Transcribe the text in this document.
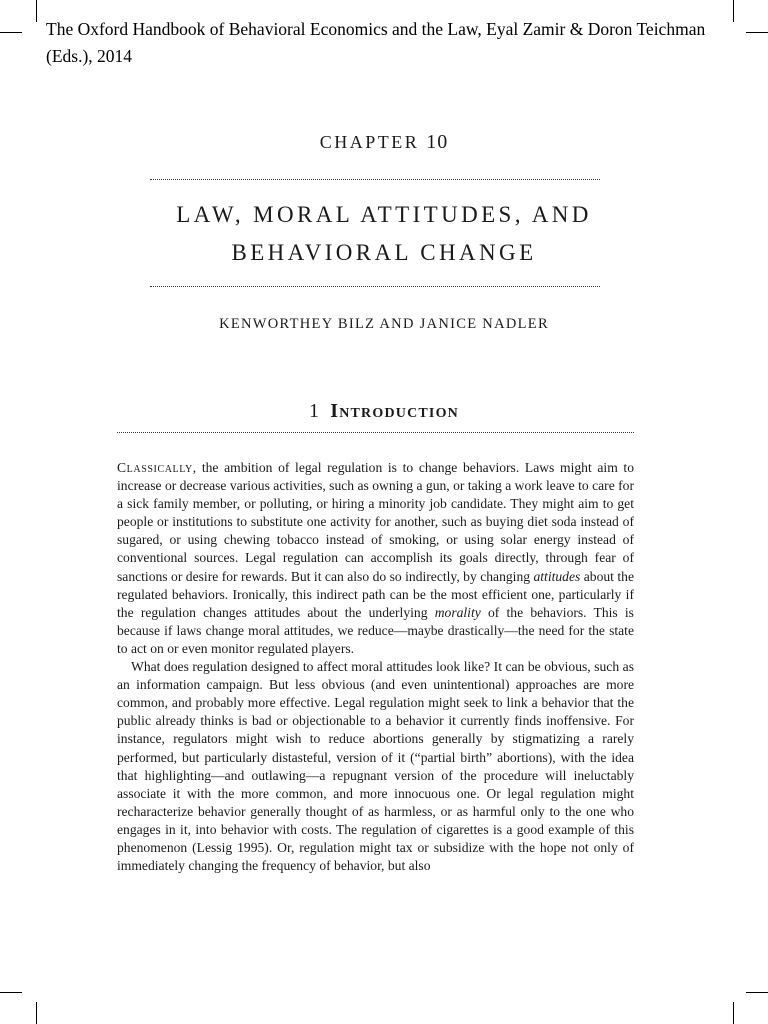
The Oxford Handbook of Behavioral Economics and the Law, Eyal Zamir & Doron Teichman (Eds.), 2014
CHAPTER 10
LAW, MORAL ATTITUDES, AND BEHAVIORAL CHANGE
KENWORTHEY BILZ AND JANICE NADLER
1 Introduction

Classically, the ambition of legal regulation is to change behaviors. Laws might aim to increase or decrease various activities, such as owning a gun, or taking a work leave to care for a sick family member, or polluting, or hiring a minority job candidate. They might aim to get people or institutions to substitute one activity for another, such as buying diet soda instead of sugared, or using chewing tobacco instead of smoking, or using solar energy instead of conventional sources. Legal regulation can accomplish its goals directly, through fear of sanctions or desire for rewards. But it can also do so indirectly, by changing attitudes about the regulated behaviors. Ironically, this indirect path can be the most efficient one, particularly if the regulation changes attitudes about the underlying morality of the behaviors. This is because if laws change moral attitudes, we reduce—maybe drastically—the need for the state to act on or even monitor regulated players.

What does regulation designed to affect moral attitudes look like? It can be obvious, such as an information campaign. But less obvious (and even unintentional) approaches are more common, and probably more effective. Legal regulation might seek to link a behavior that the public already thinks is bad or objectionable to a behavior it currently finds inoffensive. For instance, regulators might wish to reduce abortions generally by stigmatizing a rarely performed, but particularly distasteful, version of it (“partial birth” abortions), with the idea that highlighting—and outlawing—a repugnant version of the procedure will ineluctably associate it with the more common, and more innocuous one. Or legal regulation might recharacterize behavior generally thought of as harmless, or as harmful only to the one who engages in it, into behavior with costs. The regulation of cigarettes is a good example of this phenomenon (Lessig 1995). Or, regulation might tax or subsidize with the hope not only of immediately changing the frequency of behavior, but also
